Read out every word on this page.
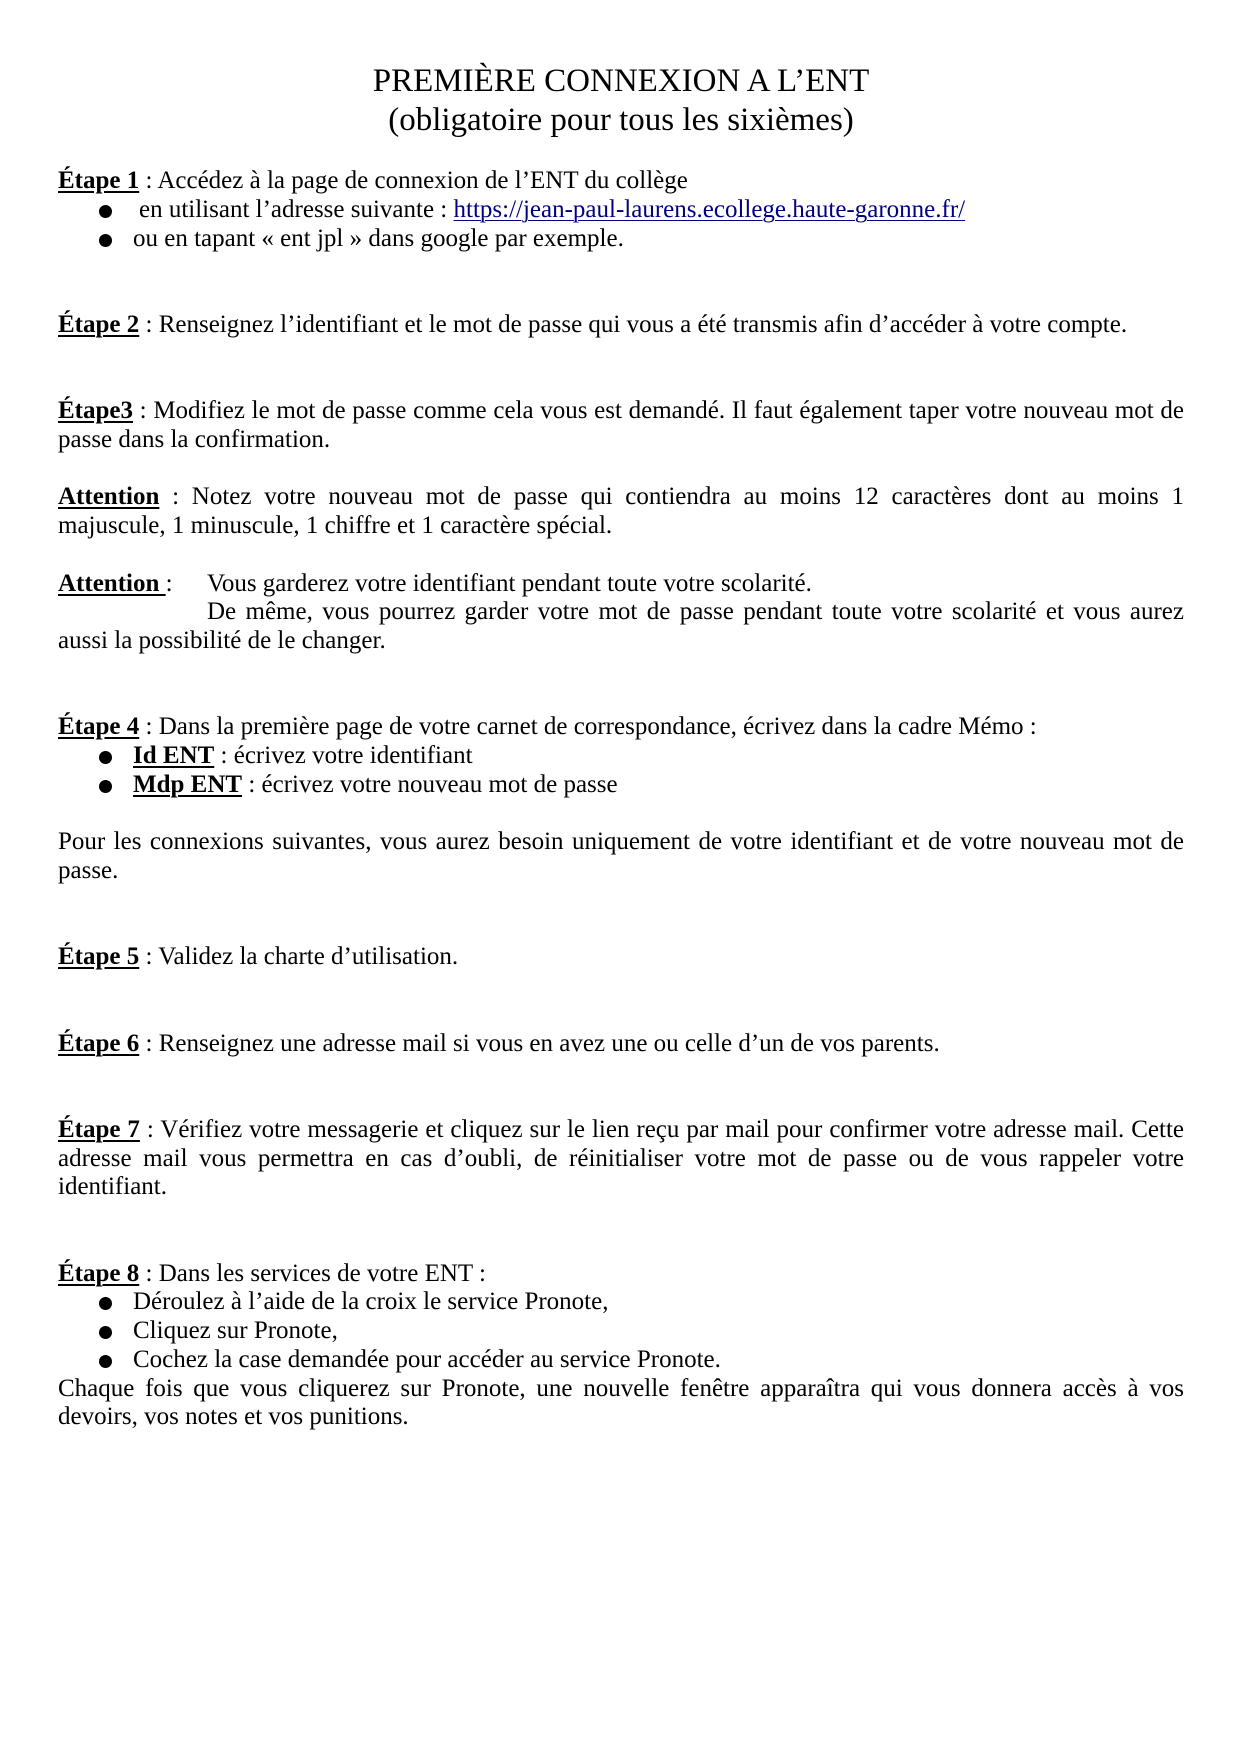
PREMIÈRE CONNEXION A L’ENT
(obligatoire pour tous les sixièmes)

Étape 1 : Accédez à la page de connexion de l’ENT du collège

en utilisant l’adresse suivante : https://jean-paul-laurens.ecollege.haute-garonne.fr/
ou en tapant « ent jpl » dans google par exemple.

Étape 2 : Renseignez l’identifiant et le mot de passe qui vous a été transmis afin d’accéder à votre compte.

Étape3 : Modifiez le mot de passe comme cela vous est demandé. Il faut également taper votre nouveau mot de passe dans la confirmation.

Attention : Notez votre nouveau mot de passe qui contiendra au moins 12 caractères dont au moins 1 majuscule, 1 minuscule, 1 chiffre et 1 caractère spécial.

Attention : Vous garderez votre identifiant pendant toute votre scolarité.

De même, vous pourrez garder votre mot de passe pendant toute votre scolarité et vous aurez aussi la possibilité de le changer.

Étape 4 : Dans la première page de votre carnet de correspondance, écrivez dans la cadre Mémo :

Id ENT : écrivez votre identifiant
Mdp ENT : écrivez votre nouveau mot de passe

Pour les connexions suivantes, vous aurez besoin uniquement de votre identifiant et de votre nouveau mot de passe.

Étape 5 : Validez la charte d’utilisation.

Étape 6 : Renseignez une adresse mail si vous en avez une ou celle d’un de vos parents.

Étape 7 : Vérifiez votre messagerie et cliquez sur le lien reçu par mail pour confirmer votre adresse mail. Cette adresse mail vous permettra en cas d’oubli, de réinitialiser votre mot de passe ou de vous rappeler votre identifiant.

Étape 8 : Dans les services de votre ENT :

Déroulez à l’aide de la croix le service Pronote,
Cliquez sur Pronote,
Cochez la case demandée pour accéder au service Pronote.

Chaque fois que vous cliquerez sur Pronote, une nouvelle fenêtre apparaîtra qui vous donnera accès à vos devoirs, vos notes et vos punitions.
